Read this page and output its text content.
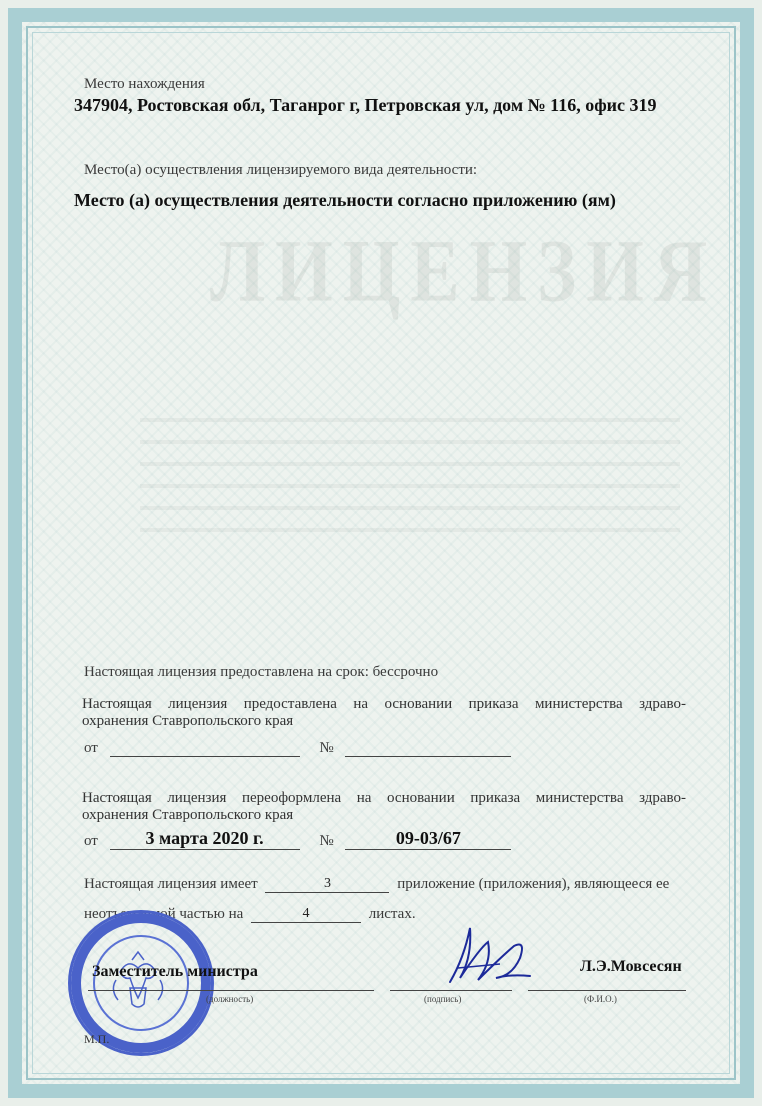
ЛИЦЕНЗИЯ
Место нахождения
347904, Ростовская обл, Таганрог г, Петровская ул, дом № 116, офис 319
Место(а) осуществления лицензируемого вида деятельности:
Место (а) осуществления деятельности согласно приложению (ям)
Настоящая лицензия предоставлена на срок: бессрочно
Настоящая лицензия предоставлена на основании приказа министерства здраво-
охранения Ставропольского края
от	№
Настоящая лицензия переоформлена на основании приказа министерства здраво-
охранения Ставропольского края
от	3 марта 2020 г.	№	09-03/67
Настоящая лицензия имеет	3	приложение (приложения), являющееся ее
неотъемлемой частью на	4	листах.
Заместитель министра	Л.Э.Мовсесян
(должность)	(подпись)	(Ф.И.О.)
М.П.
